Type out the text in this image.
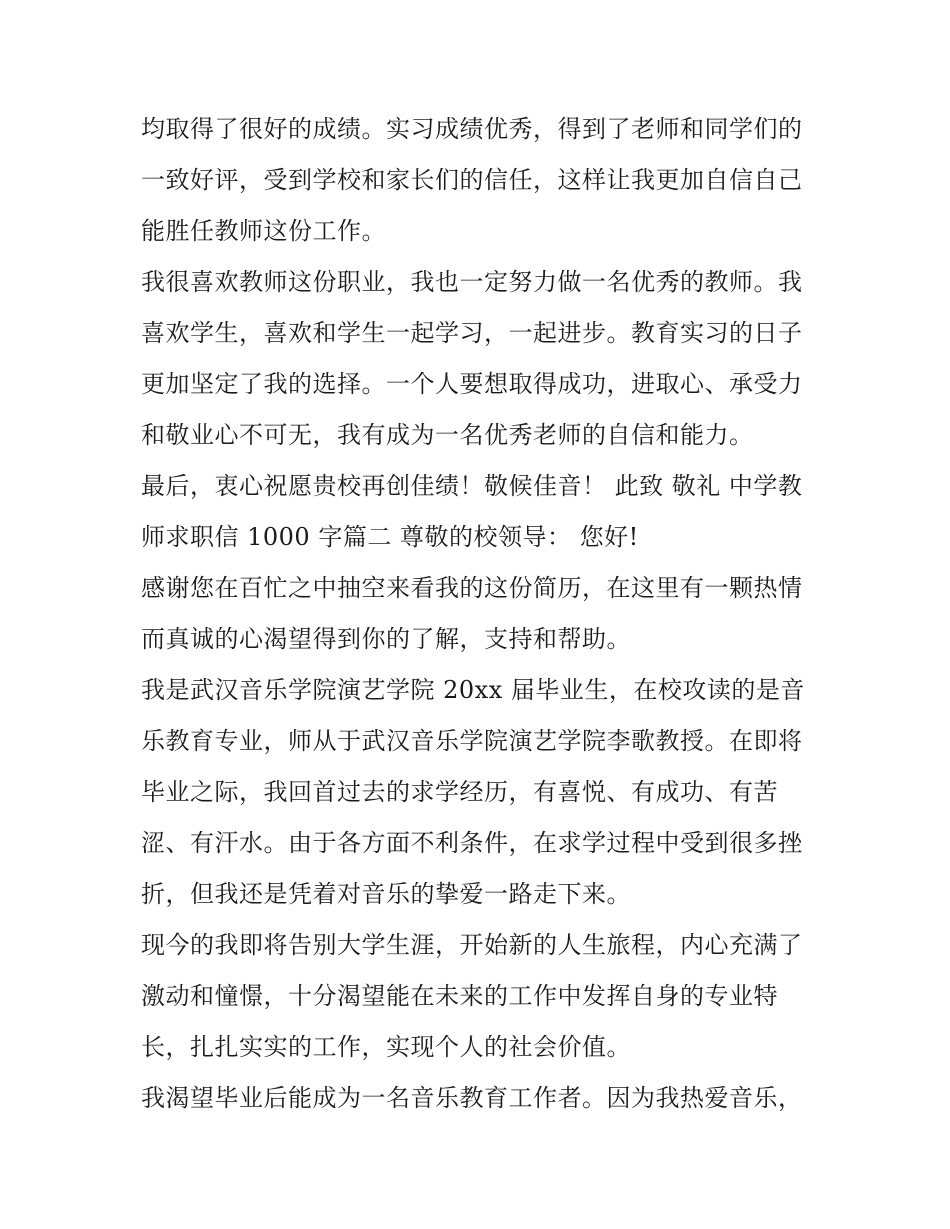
均取得了很好的成绩。实习成绩优秀，得到了老师和同学们的
一致好评，受到学校和家长们的信任，这样让我更加自信自己
能胜任教师这份工作。
我很喜欢教师这份职业，我也一定努力做一名优秀的教师。我
喜欢学生，喜欢和学生一起学习，一起进步。教育实习的日子
更加坚定了我的选择。一个人要想取得成功，进取心、承受力
和敬业心不可无，我有成为一名优秀老师的自信和能力。
最后，衷心祝愿贵校再创佳绩！敬候佳音！ 此致 敬礼 中学教
师求职信 1000 字篇二 尊敬的校领导： 您好!
感谢您在百忙之中抽空来看我的这份简历，在这里有一颗热情
而真诚的心渴望得到你的了解，支持和帮助。
我是武汉音乐学院演艺学院 20xx 届毕业生，在校攻读的是音
乐教育专业，师从于武汉音乐学院演艺学院李歌教授。在即将
毕业之际，我回首过去的求学经历，有喜悦、有成功、有苦
涩、有汗水。由于各方面不利条件，在求学过程中受到很多挫
折，但我还是凭着对音乐的挚爱一路走下来。
现今的我即将告别大学生涯，开始新的人生旅程，内心充满了
激动和憧憬，十分渴望能在未来的工作中发挥自身的专业特
长，扎扎实实的工作，实现个人的社会价值。
我渴望毕业后能成为一名音乐教育工作者。因为我热爱音乐，
